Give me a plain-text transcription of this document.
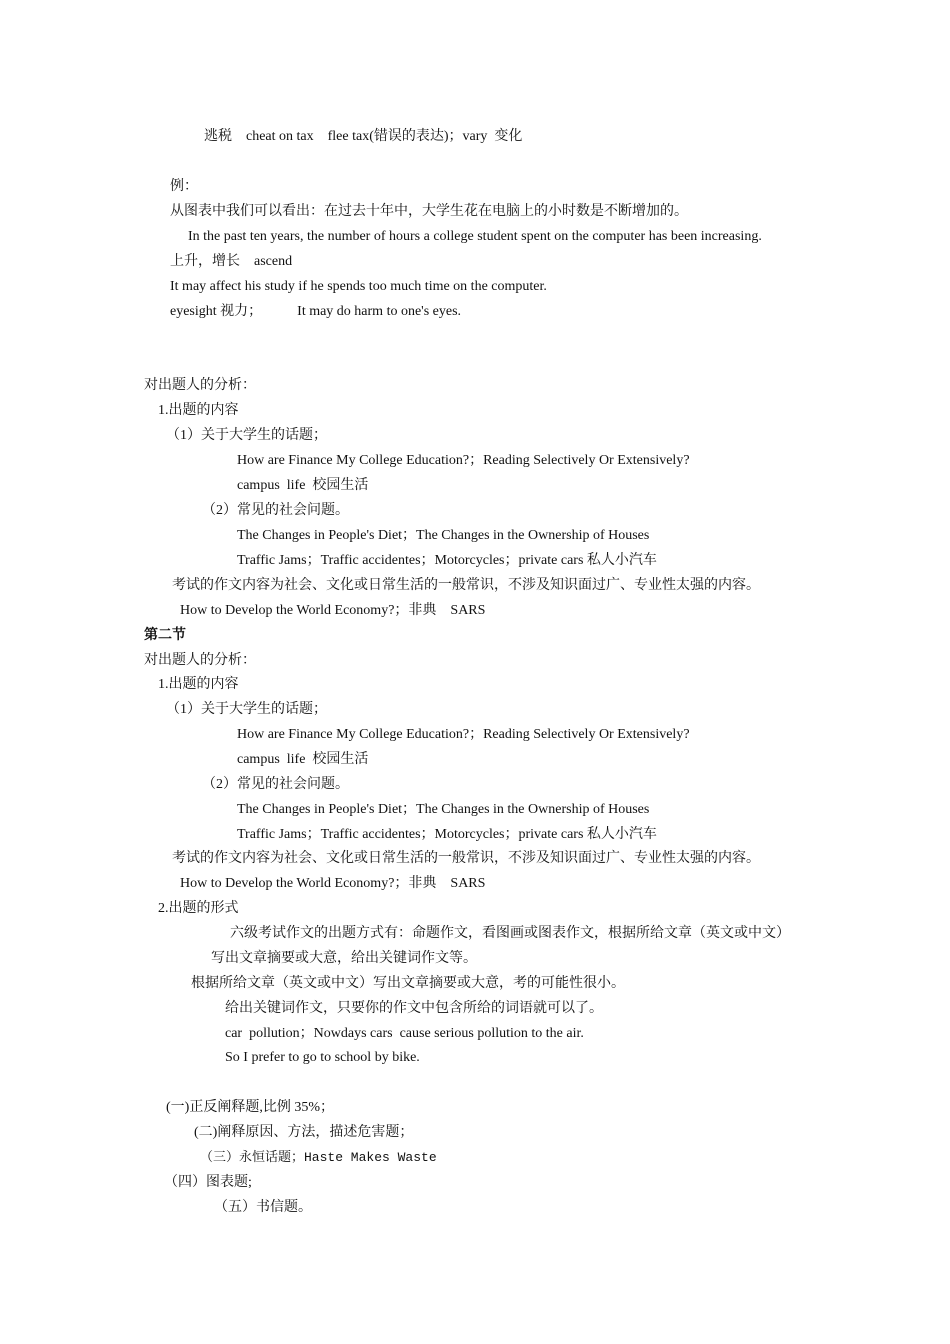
逃税    cheat on tax    flee tax(错误的表达)；vary  变化
例：
从图表中我们可以看出：在过去十年中，大学生花在电脑上的小时数是不断增加的。
In the past ten years, the number of hours a college student spent on the computer has been increasing.
上升，增长    ascend
It may affect his study if he spends too much time on the computer.
eyesight 视力；          It may do harm to one's eyes.
对出题人的分析：
1.出题的内容
（1）关于大学生的话题；
How are Finance My College Education?；Reading Selectively Or Extensively?
campus  life  校园生活
（2）常见的社会问题。
The Changes in People's Diet；The Changes in the Ownership of Houses
Traffic Jams；Traffic accidentes；Motorcycles；private cars 私人小汽车
考试的作文内容为社会、文化或日常生活的一般常识，不涉及知识面过广、专业性太强的内容。
How to Develop the World Economy?；非典    SARS
第二节
对出题人的分析：
1.出题的内容
（1）关于大学生的话题；
How are Finance My College Education?；Reading Selectively Or Extensively?
campus  life  校园生活
（2）常见的社会问题。
The Changes in People's Diet；The Changes in the Ownership of Houses
Traffic Jams；Traffic accidentes；Motorcycles；private cars 私人小汽车
考试的作文内容为社会、文化或日常生活的一般常识，不涉及知识面过广、专业性太强的内容。
How to Develop the World Economy?；非典    SARS
2.出题的形式
六级考试作文的出题方式有：命题作文，看图画或图表作文，根据所给文章（英文或中文）
写出文章摘要或大意，给出关键词作文等。
根据所给文章（英文或中文）写出文章摘要或大意，考的可能性很小。
给出关键词作文，只要你的作文中包含所给的词语就可以了。
car  pollution；Nowdays cars  cause serious pollution to the air.
So I prefer to go to school by bike.
(一)正反阐释题,比例 35%；
(二)阐释原因、方法，描述危害题；
（三）永恒话题；Haste Makes Waste
（四）图表题;
（五）书信题。
